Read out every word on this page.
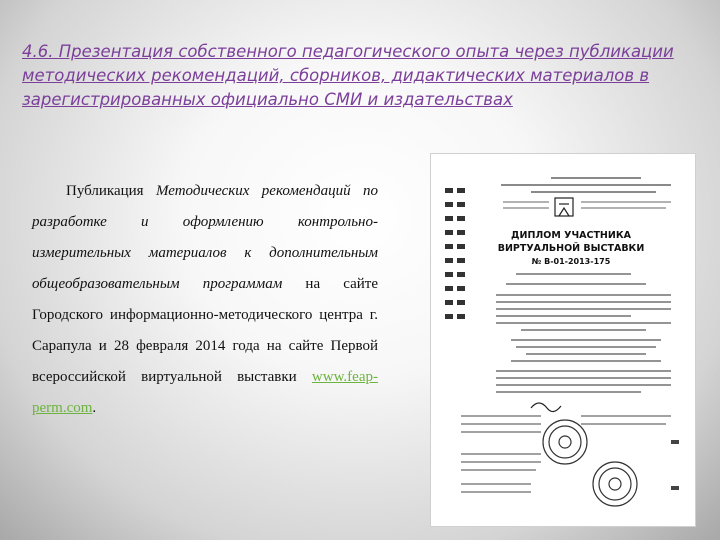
4.6. Презентация собственного педагогического опыта через публикации методических рекомендаций, сборников, дидактических материалов в зарегистрированных официально СМИ и издательствах

Публикация Методических рекомендаций по разработке и оформлению контрольно-измерительных материалов к дополнительным общеобразовательным программам на сайте Городского информационно-методического центра г. Сарапула и 28 февраля 2014 года на сайте Первой всероссийской виртуальной выставки www.feap-perm.com.

ДИПЛОМ УЧАСТНИКА
ВИРТУАЛЬНОЙ ВЫСТАВКИ
№ В-01-2013-175
